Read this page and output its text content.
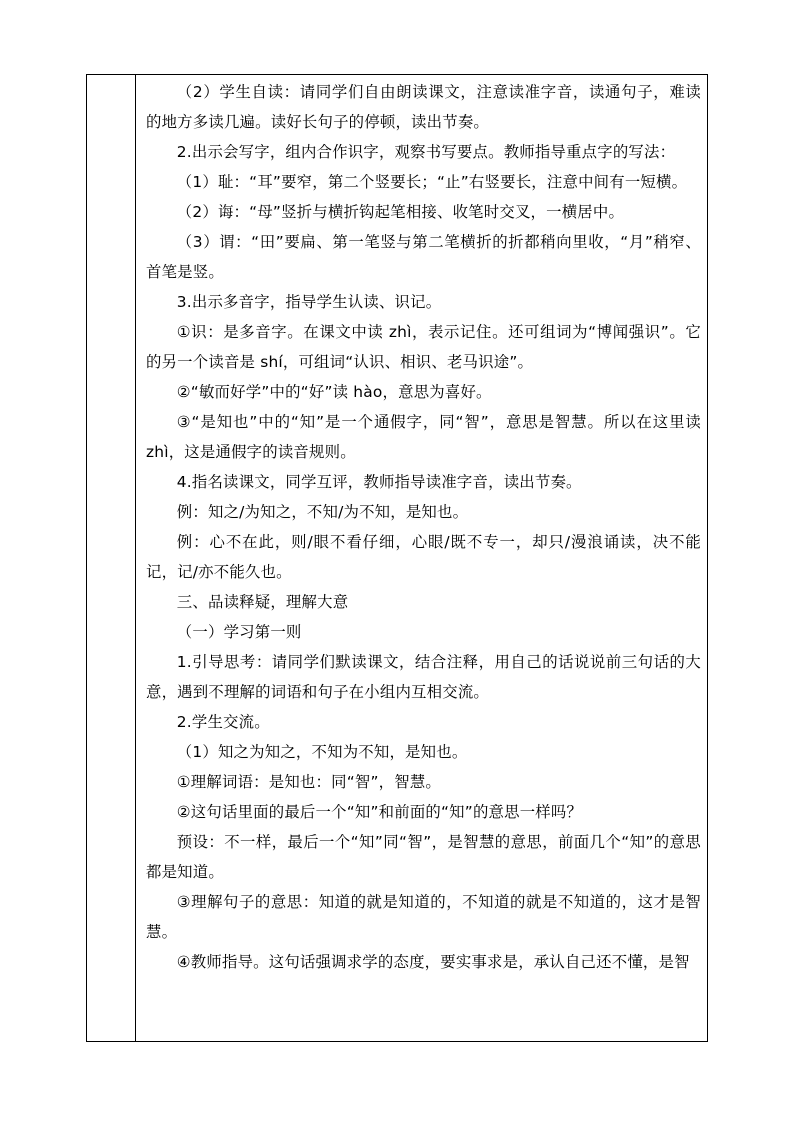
（2）学生自读：请同学们自由朗读课文，注意读准字音，读通句子，难读的地方多读几遍。读好长句子的停顿，读出节奏。

2.出示会写字，组内合作识字，观察书写要点。教师指导重点字的写法：

（1）耻：“耳”要窄，第二个竖要长；“止”右竖要长，注意中间有一短横。

（2）诲：“母”竖折与横折钩起笔相接、收笔时交叉，一横居中。

（3）谓：“田”要扁、第一笔竖与第二笔横折的折都稍向里收，“月”稍窄、首笔是竖。

3.出示多音字，指导学生认读、识记。

①识：是多音字。在课文中读 zhì，表示记住。还可组词为“博闻强识”。它的另一个读音是 shí，可组词“认识、相识、老马识途”。

②“敏而好学”中的“好”读 hào，意思为喜好。

③“是知也”中的“知”是一个通假字，同“智”，意思是智慧。所以在这里读 zhì，这是通假字的读音规则。

4.指名读课文，同学互评，教师指导读准字音，读出节奏。

例：知之/为知之，不知/为不知，是知也。

例：心不在此，则/眼不看仔细，心眼/既不专一，却只/漫浪诵读，决不能记，记/亦不能久也。

三、品读释疑，理解大意

（一）学习第一则

1.引导思考：请同学们默读课文，结合注释，用自己的话说说前三句话的大意，遇到不理解的词语和句子在小组内互相交流。

2.学生交流。

（1）知之为知之，不知为不知，是知也。

①理解词语：是知也：同“智”，智慧。

②这句话里面的最后一个“知”和前面的“知”的意思一样吗？

预设：不一样，最后一个“知”同“智”，是智慧的意思，前面几个“知”的意思都是知道。

③理解句子的意思：知道的就是知道的，不知道的就是不知道的，这才是智慧。

④教师指导。这句话强调求学的态度，要实事求是，承认自己还不懂，是智
